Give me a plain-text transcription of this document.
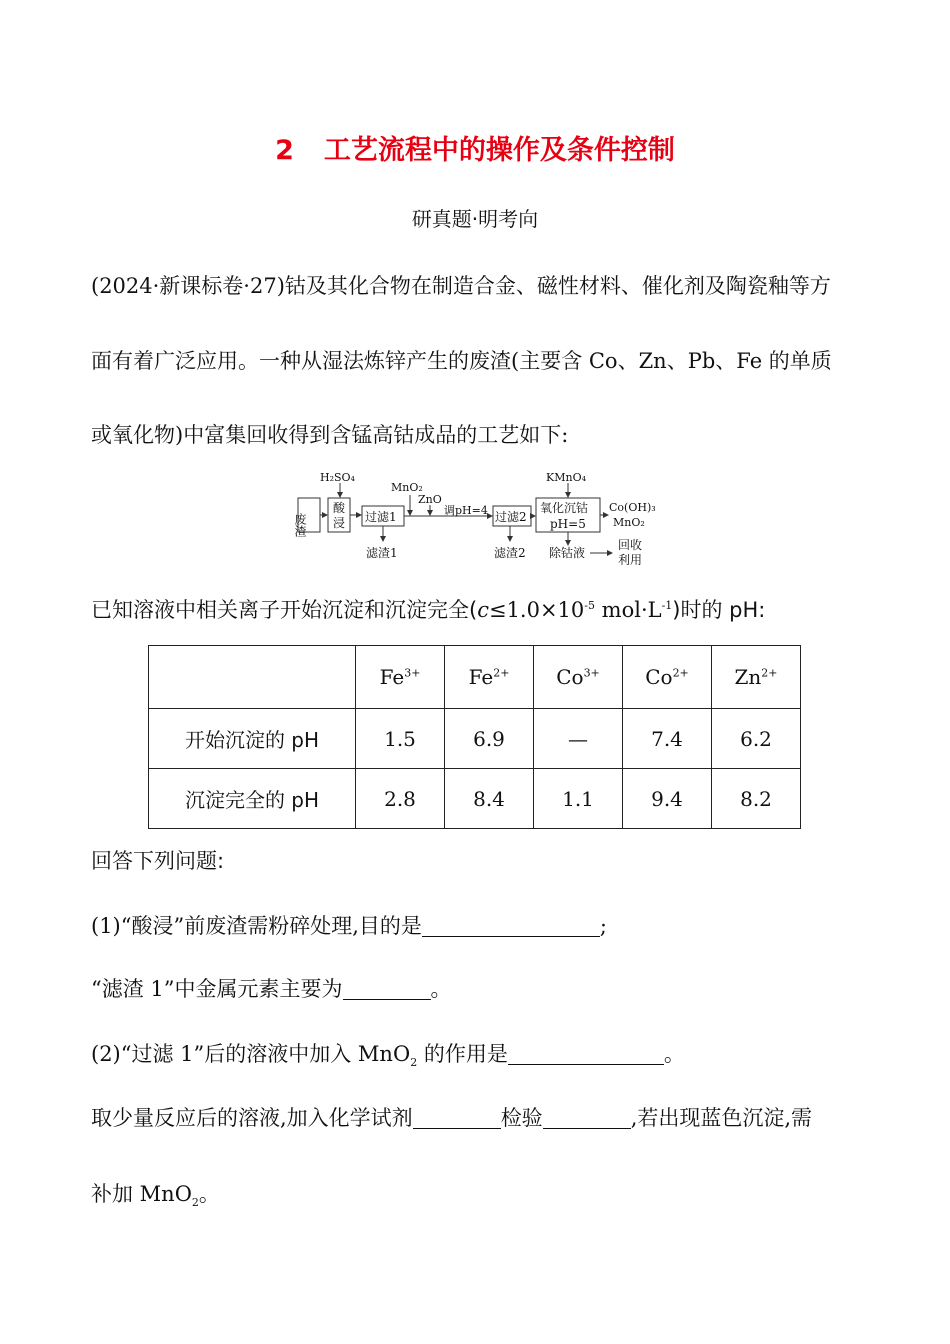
2 工艺流程中的操作及条件控制
研真题·明考向
(2024·新课标卷·27)钴及其化合物在制造合金、磁性材料、催化剂及陶瓷釉等方
面有着广泛应用。一种从湿法炼锌产生的废渣(主要含 Co、Zn、Pb、Fe 的单质
或氧化物)中富集回收得到含锰高钴成品的工艺如下:
废渣
酸
浸 过滤1	过滤2
氧化沉钴
pH=5
H₂SO₄
MnO₂
ZnO
调pH=4
KMnO₄
Co(OH)₃
MnO₂
滤渣1	滤渣2 除钴液
回收
利用
已知溶液中相关离子开始沉淀和沉淀完全($c\le 1.0\times 10^{-5}$ $mol\cdot L^{-1}$)时的 pH:
	$Fe^{3+}$	$Fe^{2+}$	$Co^{3+}$	$Co^{2+}$	$Zn^{2+}$
开始沉淀的 pH	1.5	6.9	—	7.4	6.2
沉淀完全的 pH	2.8	8.4	1.1	9.4	8.2
回答下列问题:
(1)“酸浸”前废渣需粉碎处理,目的是	;
“滤渣 1”中金属元素主要为	。
(2)“过滤 1”后的溶液中加入 MnO$_2$ 的作用是	。
取少量反应后的溶液,加入化学试剂	检验	,若出现蓝色沉淀,需
补加 MnO$_2$。
